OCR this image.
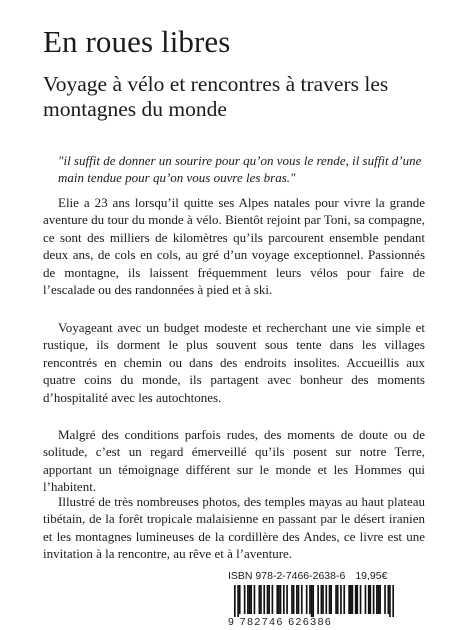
En roues libres
Voyage à vélo et rencontres à travers les montagnes du monde

"il suffit de donner un sourire pour qu’on vous le rende, il suffit d’une main tendue pour qu’on vous ouvre les bras."

Elie a 23 ans lorsqu’il quitte ses Alpes natales pour vivre la grande aventure du tour du monde à vélo. Bientôt rejoint par Toni, sa compagne, ce sont des milliers de kilomètres qu’ils parcourent ensemble pendant deux ans, de cols en cols, au gré d’un voyage exceptionnel. Passionnés de montagne, ils laissent fréquemment leurs vélos pour faire de l’escalade ou des randonnées à pied et à ski.

Voyageant avec un budget modeste et recherchant une vie simple et rustique, ils dorment le plus souvent sous tente dans les villages rencontrés en chemin ou dans des endroits insolites. Accueillis aux quatre coins du monde, ils partagent avec bonheur des moments d’hospitalité avec les autochtones.

Malgré des conditions parfois rudes, des moments de doute ou de solitude, c’est un regard émerveillé qu’ils posent sur notre Terre, apportant un témoignage différent sur le monde et les Hommes qui l’habitent.

Illustré de très nombreuses photos, des temples mayas au haut plateau tibétain, de la forêt tropicale malaisienne en passant par le désert iranien et les montagnes lumineuses de la cordillère des Andes, ce livre est une invitation à la rencontre, au rêve et à l’aventure.

ISBN 978-2-7466-2638-6 19,95€
9 782746 626386
